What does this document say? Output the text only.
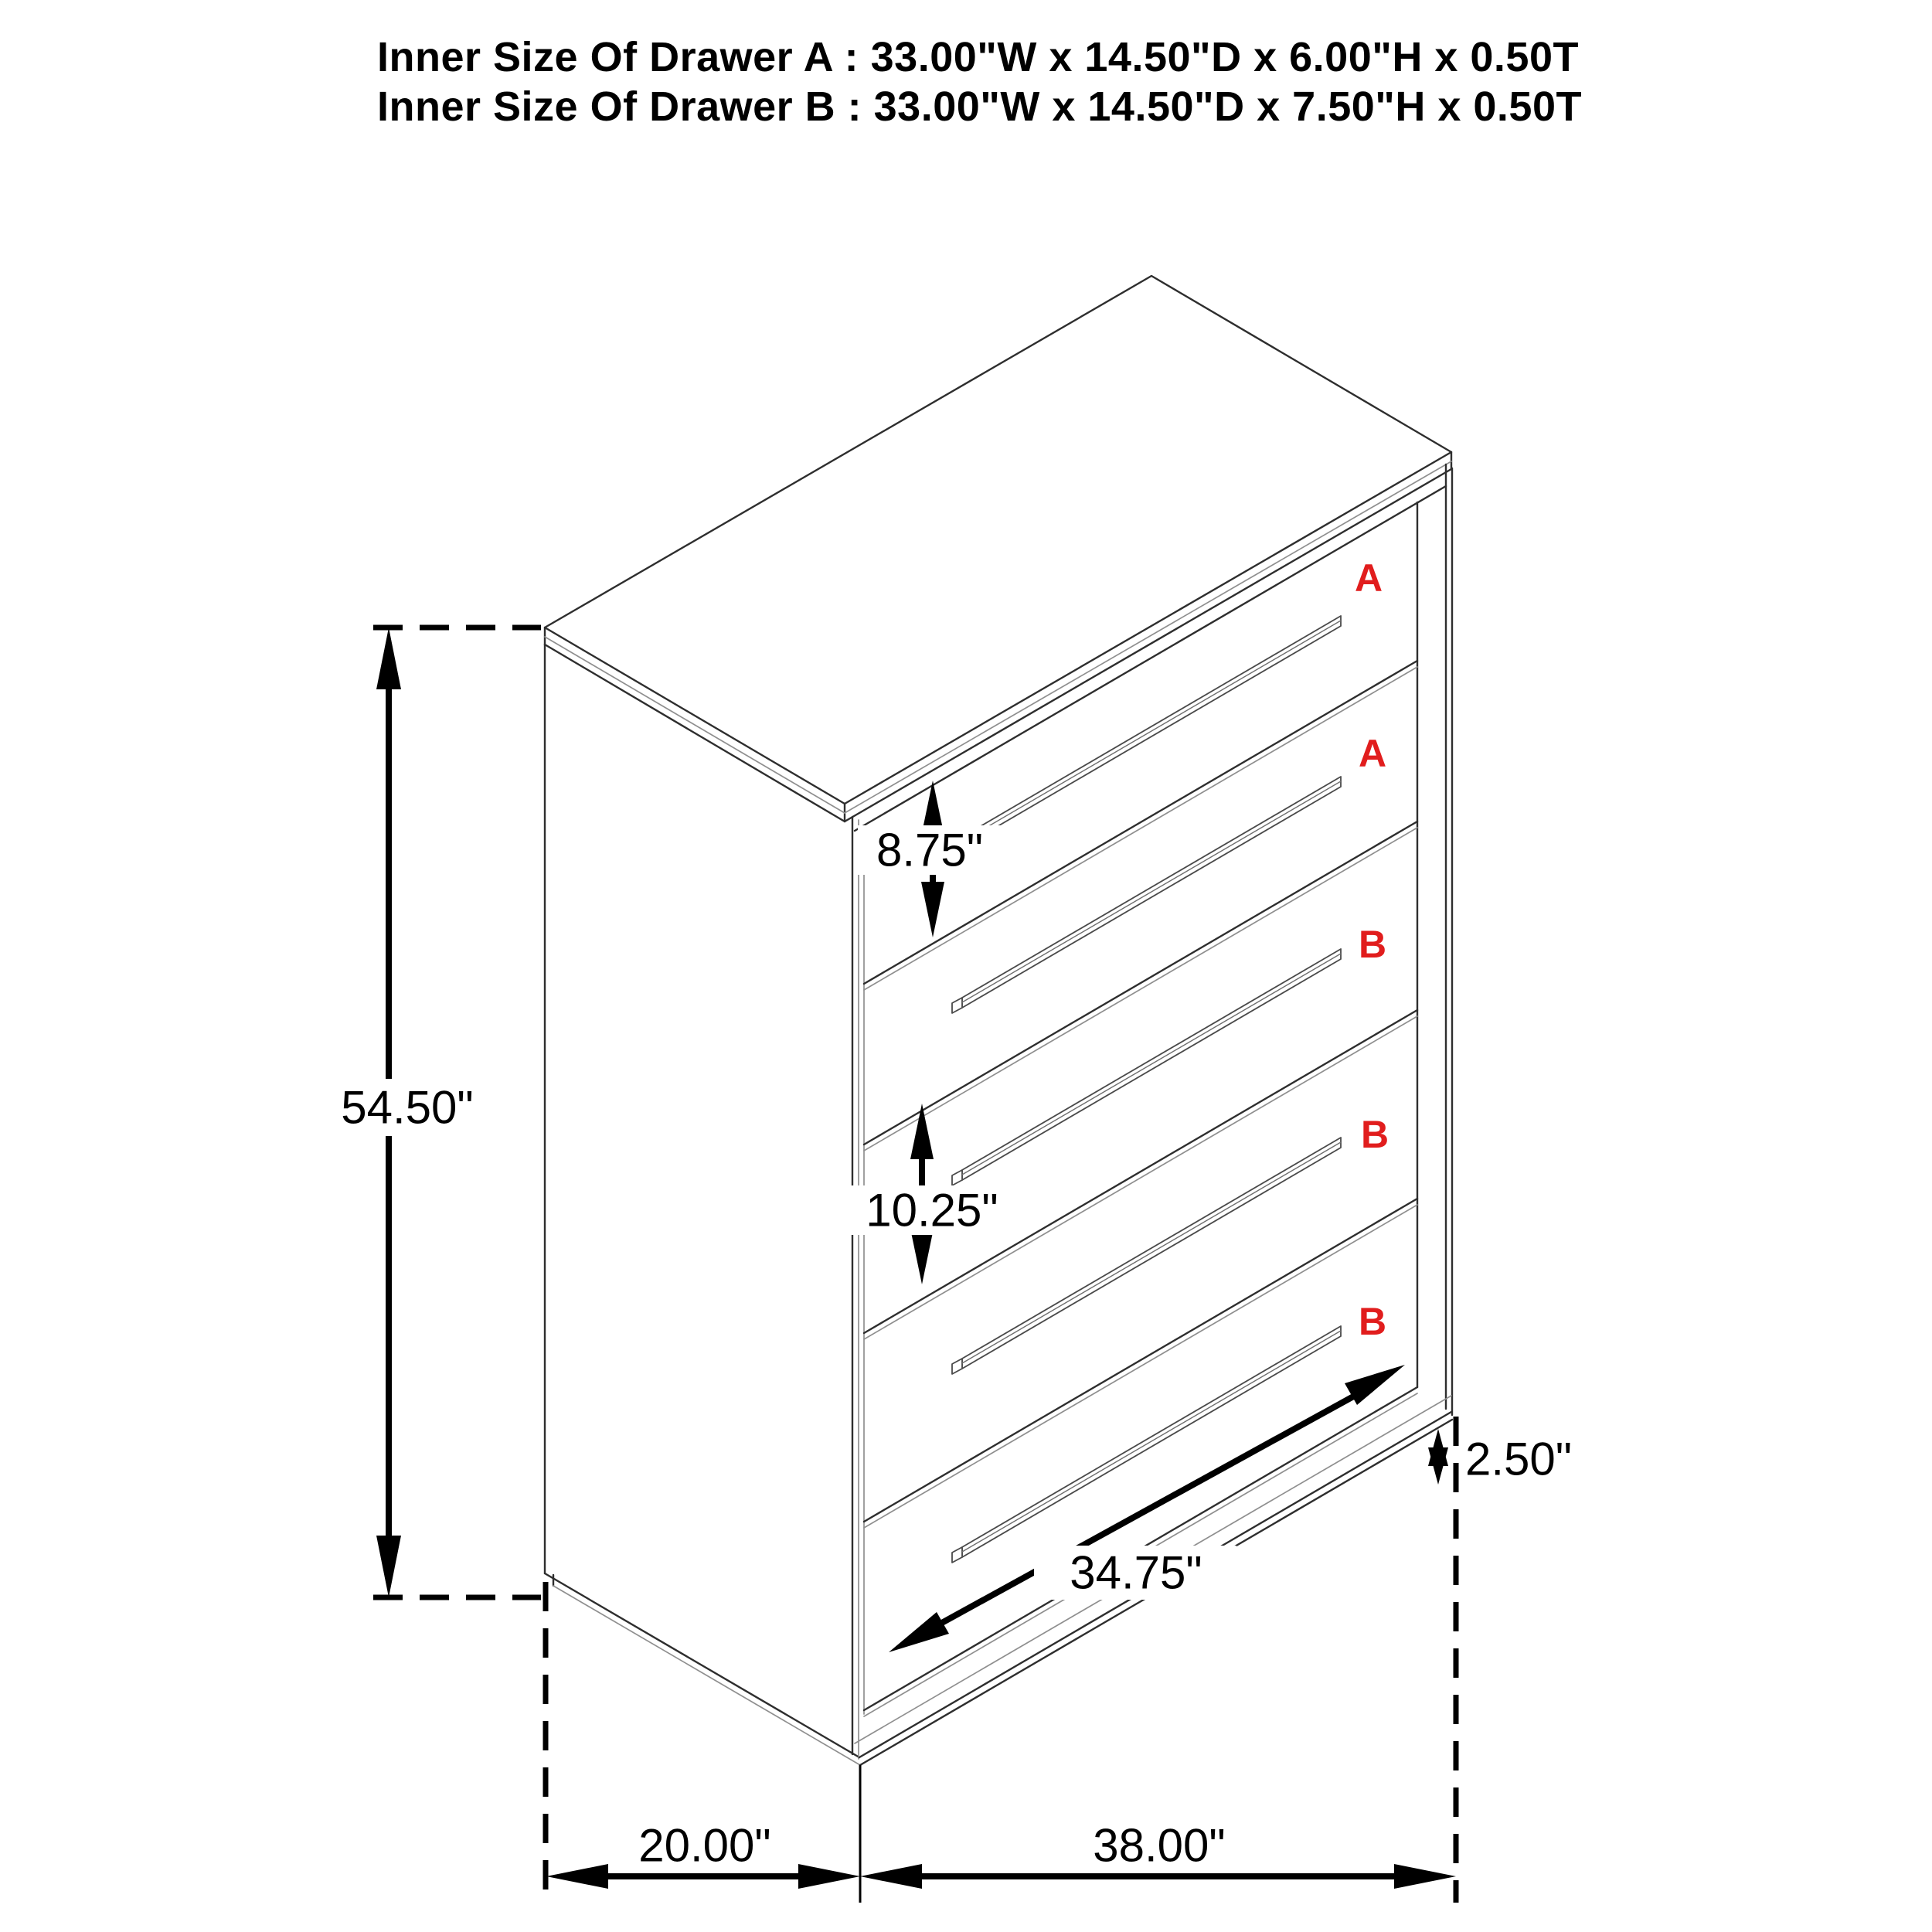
Inner Size Of Drawer A : 33.00"W x 14.50"D x 6.00"H x 0.50T
Inner Size Of Drawer B : 33.00"W x 14.50"D x 7.50"H x 0.50T
A
A
B
B
B
54.50"
8.75"
10.25"
2.50"
34.75"
20.00"	38.00"
